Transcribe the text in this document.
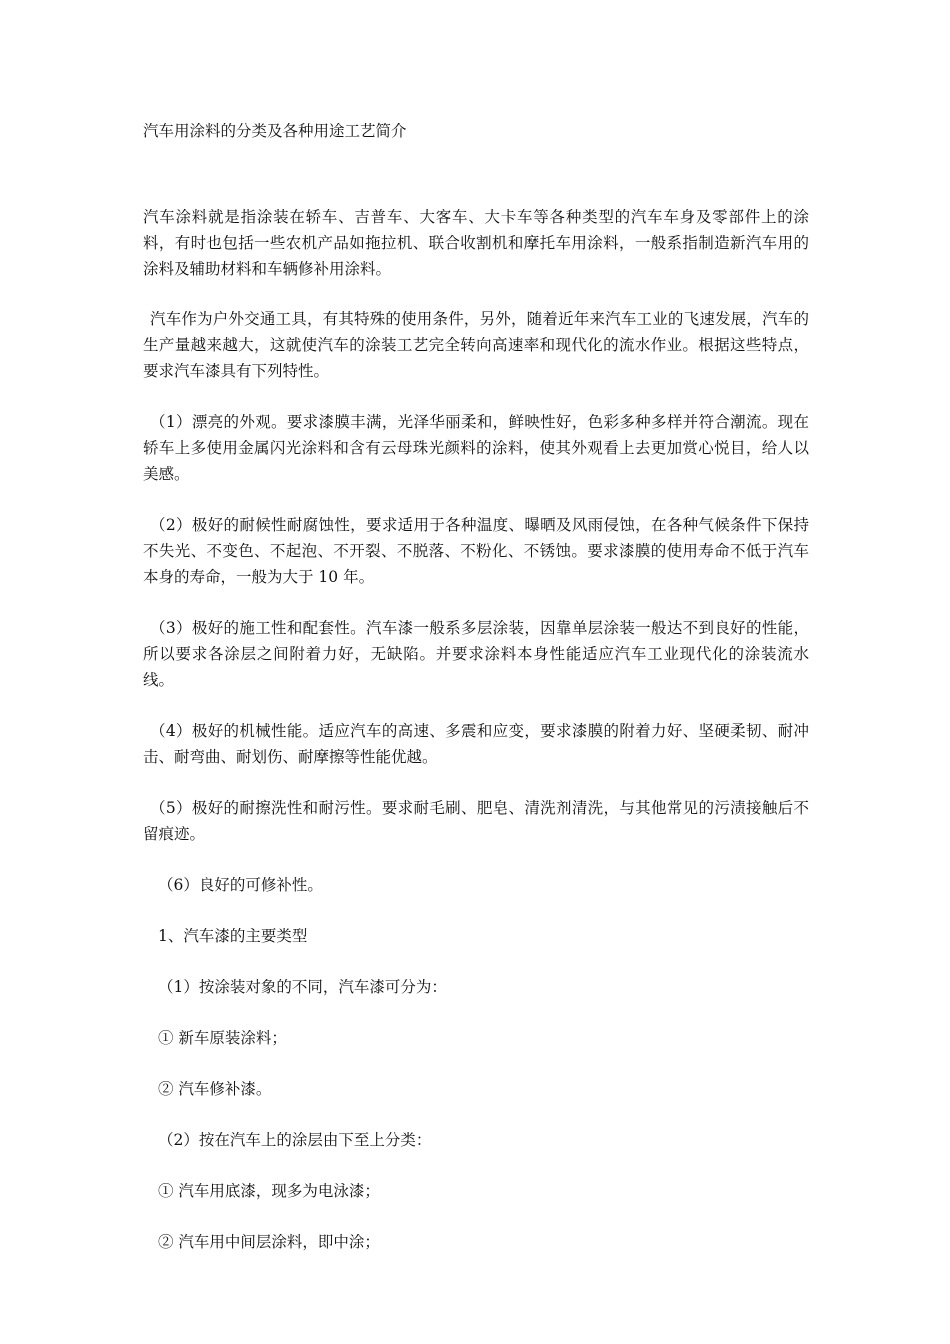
汽车用涂料的分类及各种用途工艺简介

汽车涂料就是指涂装在轿车、吉普车、大客车、大卡车等各种类型的汽车车身及零部件上的涂料，有时也包括一些农机产品如拖拉机、联合收割机和摩托车用涂料，一般系指制造新汽车用的涂料及辅助材料和车辆修补用涂料。

汽车作为户外交通工具，有其特殊的使用条件，另外，随着近年来汽车工业的飞速发展，汽车的生产量越来越大，这就使汽车的涂装工艺完全转向高速率和现代化的流水作业。根据这些特点，要求汽车漆具有下列特性。

（1）漂亮的外观。要求漆膜丰满，光泽华丽柔和，鲜映性好，色彩多种多样并符合潮流。现在轿车上多使用金属闪光涂料和含有云母珠光颜料的涂料，使其外观看上去更加赏心悦目，给人以美感。

（2）极好的耐候性耐腐蚀性，要求适用于各种温度、曝晒及风雨侵蚀，在各种气候条件下保持不失光、不变色、不起泡、不开裂、不脱落、不粉化、不锈蚀。要求漆膜的使用寿命不低于汽车本身的寿命，一般为大于 10 年。

（3）极好的施工性和配套性。汽车漆一般系多层涂装，因靠单层涂装一般达不到良好的性能，所以要求各涂层之间附着力好，无缺陷。并要求涂料本身性能适应汽车工业现代化的涂装流水线。

（4）极好的机械性能。适应汽车的高速、多震和应变，要求漆膜的附着力好、坚硬柔韧、耐冲击、耐弯曲、耐划伤、耐摩擦等性能优越。

（5）极好的耐擦洗性和耐污性。要求耐毛刷、肥皂、清洗剂清洗，与其他常见的污渍接触后不留痕迹。

（6）良好的可修补性。

1、汽车漆的主要类型

（1）按涂装对象的不同，汽车漆可分为：

① 新车原装涂料；

② 汽车修补漆。

（2）按在汽车上的涂层由下至上分类：

① 汽车用底漆，现多为电泳漆；

② 汽车用中间层涂料，即中涂；
